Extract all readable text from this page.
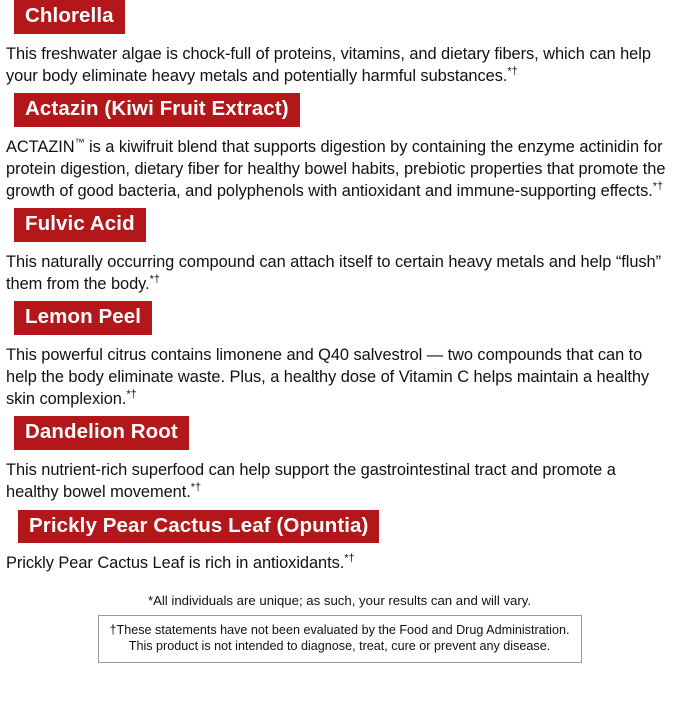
Chlorella

This freshwater algae is chock-full of proteins, vitamins, and dietary fibers, which can help your body eliminate heavy metals and potentially harmful substances.*†

Actazin (Kiwi Fruit Extract)

ACTAZIN™ is a kiwifruit blend that supports digestion by containing the enzyme actinidin for protein digestion, dietary fiber for healthy bowel habits, prebiotic properties that promote the growth of good bacteria, and polyphenols with antioxidant and immune-supporting effects.*†

Fulvic Acid

This naturally occurring compound can attach itself to certain heavy metals and help “flush” them from the body.*†

Lemon Peel

This powerful citrus contains limonene and Q40 salvestrol — two compounds that can to help the body eliminate waste. Plus, a healthy dose of Vitamin C helps maintain a healthy skin complexion.*†

Dandelion Root

This nutrient-rich superfood can help support the gastrointestinal tract and promote a healthy bowel movement.*†

Prickly Pear Cactus Leaf (Opuntia)

Prickly Pear Cactus Leaf is rich in antioxidants.*†

*All individuals are unique; as such, your results can and will vary.
†These statements have not been evaluated by the Food and Drug Administration.
This product is not intended to diagnose, treat, cure or prevent any disease.
